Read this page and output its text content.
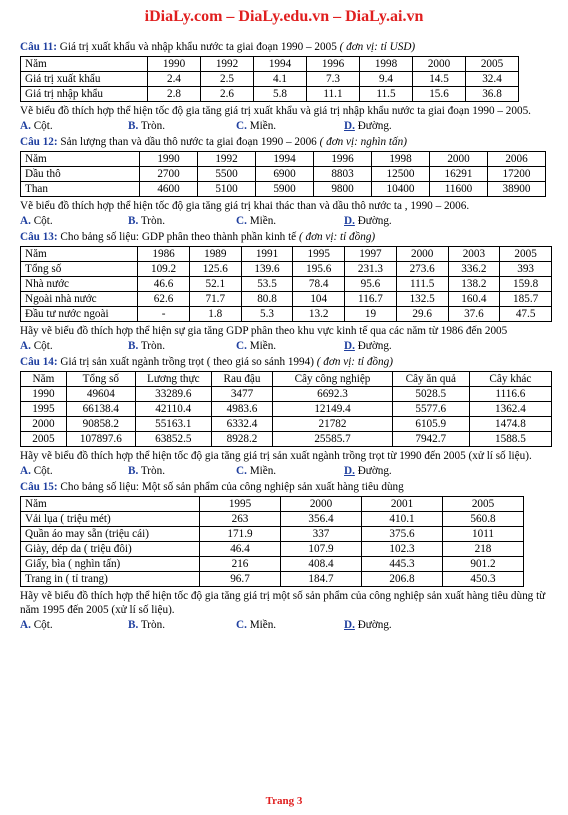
iDiaLy.com – DiaLy.edu.vn – DiaLy.ai.vn

Câu 11: Giá trị xuất khẩu và nhập khẩu nước ta giai đoạn 1990 – 2005 ( đơn vị: tỉ USD)

Năm	1990	1992	1994	1996	1998	2000	2005
Giá trị xuất khẩu	2.4	2.5	4.1	7.3	9.4	14.5	32.4
Giá trị nhập khẩu	2.8	2.6	5.8	11.1	11.5	15.6	36.8

Vẽ biểu đồ thích hợp thể hiện tốc độ gia tăng giá trị xuất khẩu và giá trị nhập khẩu nước ta giai đoạn 1990 – 2005.

A. Cột.	B. Tròn.	C. Miền.	D. Đường.

Câu 12: Sản lượng than và dầu thô nước ta giai đoạn 1990 – 2006 ( đơn vị: nghìn tấn)

Năm	1990	1992	1994	1996	1998	2000	2006
Dầu thô	2700	5500	6900	8803	12500	16291	17200
Than	4600	5100	5900	9800	10400	11600	38900

Vẽ biểu đồ thích hợp thể hiện tốc độ gia tăng giá trị khai thác than và dầu thô nước ta , 1990 – 2006.

A. Cột.	B. Tròn.	C. Miền.	D. Đường.

Câu 13: Cho bảng số liệu: GDP phân theo thành phần kinh tế ( đơn vị: tỉ đồng)

Năm	1986	1989	1991	1995	1997	2000	2003	2005
Tổng số	109.2	125.6	139.6	195.6	231.3	273.6	336.2	393
Nhà nước	46.6	52.1	53.5	78.4	95.6	111.5	138.2	159.8
Ngoài nhà nước	62.6	71.7	80.8	104	116.7	132.5	160.4	185.7
Đầu tư nước ngoài	-	1.8	5.3	13.2	19	29.6	37.6	47.5

Hãy vẽ biểu đồ thích hợp thể hiện sự gia tăng GDP phân theo khu vực kinh tế qua các năm từ 1986 đến 2005

A. Cột.	B. Tròn.	C. Miền.	D. Đường.

Câu 14: Giá trị sản xuất ngành trồng trọt ( theo giá so sánh 1994) ( đơn vị: tỉ đồng)

Năm	Tổng số	Lương thực	Rau đậu	Cây công nghiệp	Cây ăn quả	Cây khác
1990	49604	33289.6	3477	6692.3	5028.5	1116.6
1995	66138.4	42110.4	4983.6	12149.4	5577.6	1362.4
2000	90858.2	55163.1	6332.4	21782	6105.9	1474.8
2005	107897.6	63852.5	8928.2	25585.7	7942.7	1588.5

Hãy vẽ biểu đồ thích hợp thể hiện tốc độ gia tăng giá trị sản xuất ngành trồng trọt từ 1990 đến 2005 (xử lí số liệu).

A. Cột.	B. Tròn.	C. Miền.	D. Đường.

Câu 15: Cho bảng số liệu: Một số sản phẩm của công nghiệp sản xuất hàng tiêu dùng

Năm	1995	2000	2001	2005
Vải lụa ( triệu mét)	263	356.4	410.1	560.8
Quần áo may sẵn (triệu cái)	171.9	337	375.6	1011
Giày, dép da ( triệu đôi)	46.4	107.9	102.3	218
Giấy, bìa ( nghìn tấn)	216	408.4	445.3	901.2
Trang in ( tỉ trang)	96.7	184.7	206.8	450.3

Hãy vẽ biểu đồ thích hợp thể hiện tốc độ gia tăng giá trị một số sản phẩm của công nghiệp sản xuất hàng tiêu dùng từ năm 1995 đến 2005 (xử lí số liệu).

A. Cột.	B. Tròn.	C. Miền.	D. Đường.
Trang 3
